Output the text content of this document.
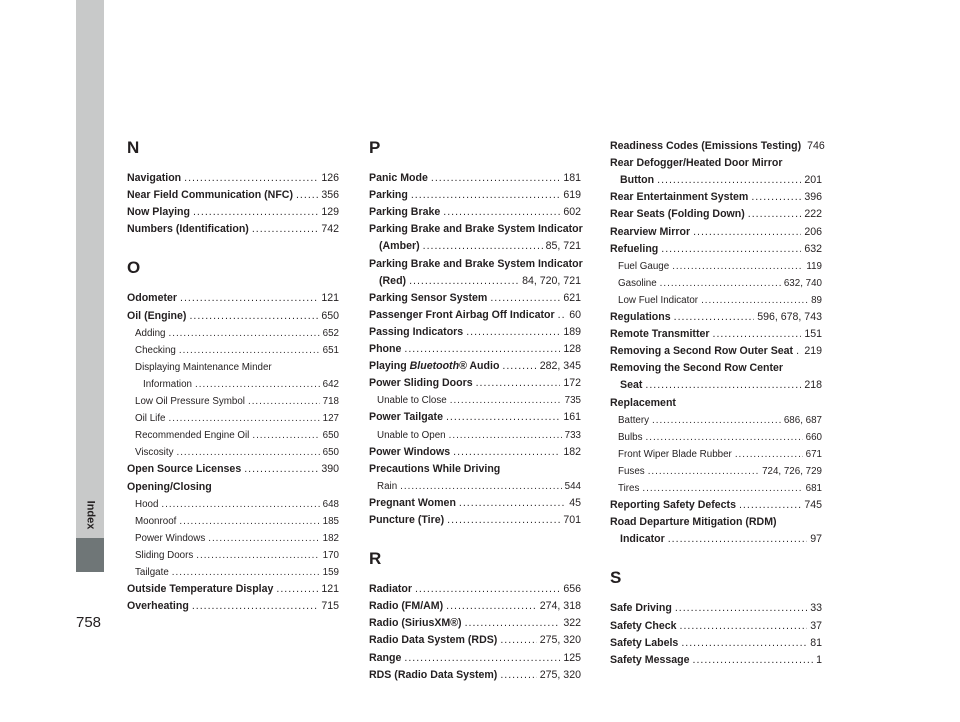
Index
758
N
Navigation .....	126
Near Field Communication (NFC) .....	356
Now Playing .....	129
Numbers (Identification) .....	742
O
Odometer .....	121
Oil (Engine) .....	650
Adding .....	652
Checking .....	651
Displaying Maintenance Minder
Information .....	642
Low Oil Pressure Symbol .....	718
Oil Life .....	127
Recommended Engine Oil .....	650
Viscosity .....	650
Open Source Licenses .....	390
Opening/Closing
Hood .....	648
Moonroof .....	185
Power Windows .....	182
Sliding Doors .....	170
Tailgate .....	159
Outside Temperature Display .....	121
Overheating .....	715
P
Panic Mode .....	181
Parking .....	619
Parking Brake .....	602
Parking Brake and Brake System Indicator
(Amber) .....	85, 721
Parking Brake and Brake System Indicator
(Red) .....	84, 720, 721
Parking Sensor System .....	621
Passenger Front Airbag Off Indicator ..... 60
Passing Indicators .....	189
Phone .....	128
Playing Bluetooth® Audio .....	282, 345
Power Sliding Doors .....	172
Unable to Close .....	735
Power Tailgate .....	161
Unable to Open .....	733
Power Windows .....	182
Precautions While Driving
Rain .....	544
Pregnant Women .....	45
Puncture (Tire) .....	701
R
Radiator .....	656
Radio (FM/AM) .....	274, 318
Radio (SiriusXM®) .....	322
Radio Data System (RDS) .....	275, 320
Range .....	125
RDS (Radio Data System) .....	275, 320
Readiness Codes (Emissions Testing) 746
Rear Defogger/Heated Door Mirror
Button .....	201
Rear Entertainment System .....	396
Rear Seats (Folding Down) .....	222
Rearview Mirror .....	206
Refueling .....	632
Fuel Gauge .....	119
Gasoline .....	632, 740
Low Fuel Indicator .....	89
Regulations .....	596, 678, 743
Remote Transmitter .....	151
Removing a Second Row Outer Seat ..... 219
Removing the Second Row Center
Seat .....	218
Replacement
Battery .....	686, 687
Bulbs .....	660
Front Wiper Blade Rubber .....	671
Fuses .....	724, 726, 729
Tires .....	681
Reporting Safety Defects .....	745
Road Departure Mitigation (RDM)
Indicator .....	97
S
Safe Driving .....	33
Safety Check .....	37
Safety Labels .....	81
Safety Message .....	1
